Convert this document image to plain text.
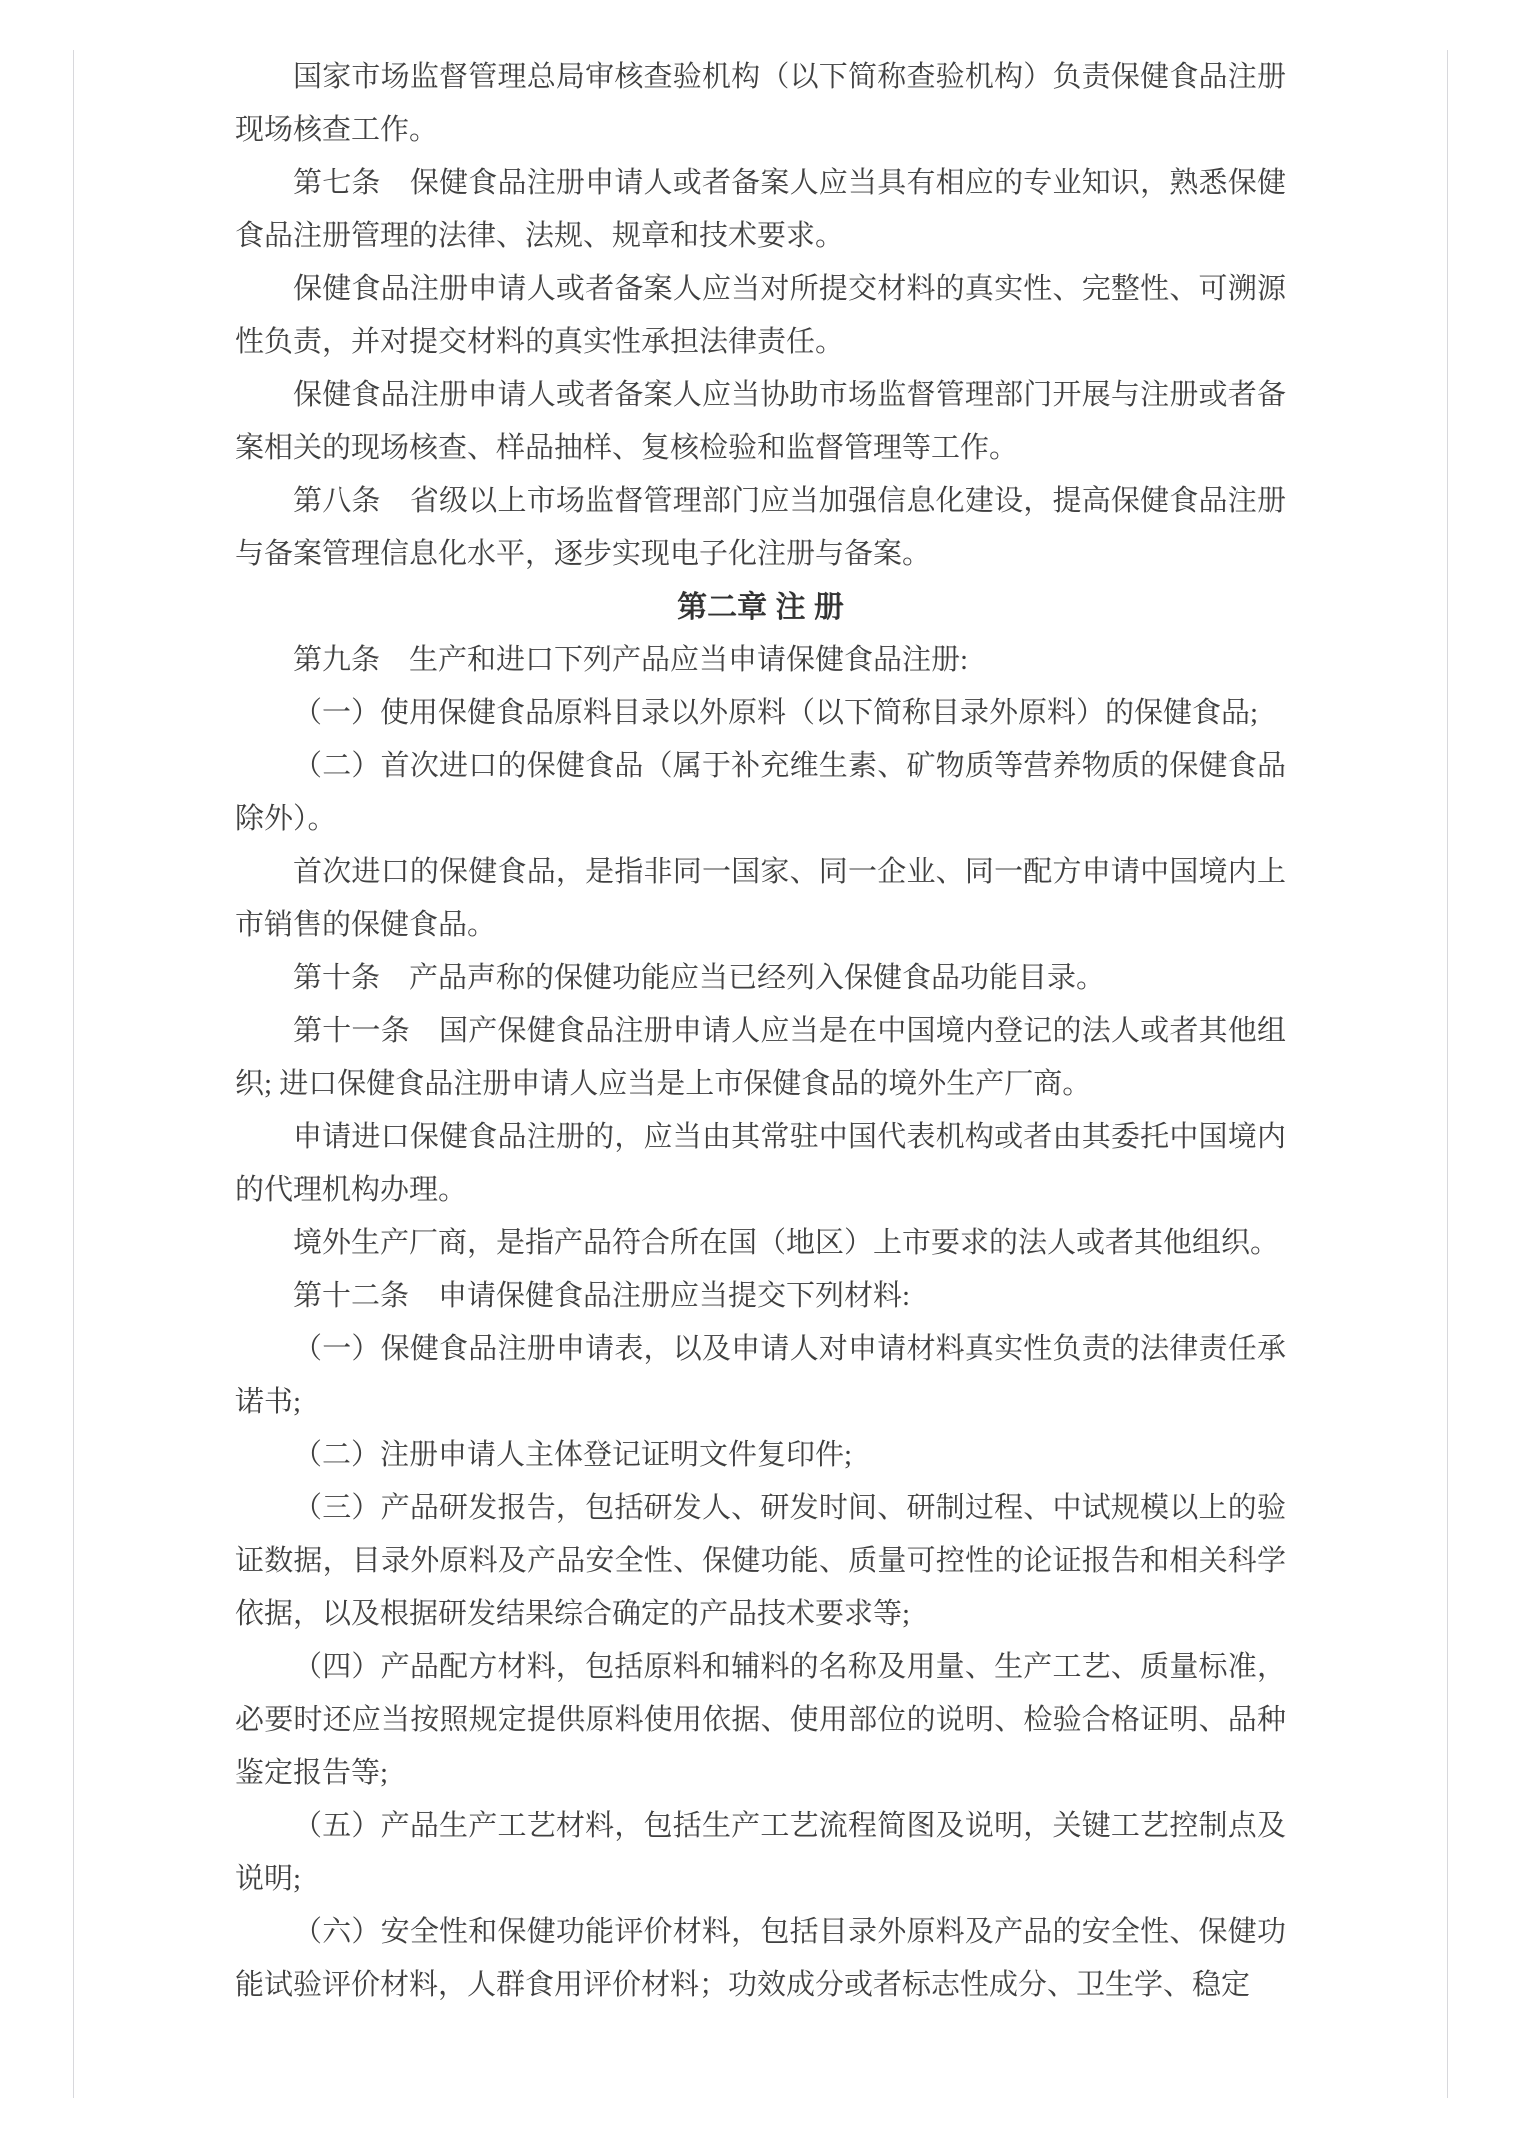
国家市场监督管理总局审核查验机构（以下简称查验机构）负责保健食品注册现场核查工作。

第七条　保健食品注册申请人或者备案人应当具有相应的专业知识，熟悉保健食品注册管理的法律、法规、规章和技术要求。

保健食品注册申请人或者备案人应当对所提交材料的真实性、完整性、可溯源性负责，并对提交材料的真实性承担法律责任。

保健食品注册申请人或者备案人应当协助市场监督管理部门开展与注册或者备案相关的现场核查、样品抽样、复核检验和监督管理等工作。

第八条　省级以上市场监督管理部门应当加强信息化建设，提高保健食品注册与备案管理信息化水平，逐步实现电子化注册与备案。

第二章 注 册

第九条　生产和进口下列产品应当申请保健食品注册:

（一）使用保健食品原料目录以外原料（以下简称目录外原料）的保健食品;

（二）首次进口的保健食品（属于补充维生素、矿物质等营养物质的保健食品除外）。

首次进口的保健食品，是指非同一国家、同一企业、同一配方申请中国境内上市销售的保健食品。

第十条　产品声称的保健功能应当已经列入保健食品功能目录。

第十一条　国产保健食品注册申请人应当是在中国境内登记的法人或者其他组织; 进口保健食品注册申请人应当是上市保健食品的境外生产厂商。

申请进口保健食品注册的，应当由其常驻中国代表机构或者由其委托中国境内的代理机构办理。

境外生产厂商，是指产品符合所在国（地区）上市要求的法人或者其他组织。

第十二条　申请保健食品注册应当提交下列材料:

（一）保健食品注册申请表，以及申请人对申请材料真实性负责的法律责任承诺书;

（二）注册申请人主体登记证明文件复印件;

（三）产品研发报告，包括研发人、研发时间、研制过程、中试规模以上的验证数据，目录外原料及产品安全性、保健功能、质量可控性的论证报告和相关科学依据，以及根据研发结果综合确定的产品技术要求等;

（四）产品配方材料，包括原料和辅料的名称及用量、生产工艺、质量标准，必要时还应当按照规定提供原料使用依据、使用部位的说明、检验合格证明、品种鉴定报告等;

（五）产品生产工艺材料，包括生产工艺流程简图及说明，关键工艺控制点及说明;

（六）安全性和保健功能评价材料，包括目录外原料及产品的安全性、保健功能试验评价材料，人群食用评价材料；功效成分或者标志性成分、卫生学、稳定
